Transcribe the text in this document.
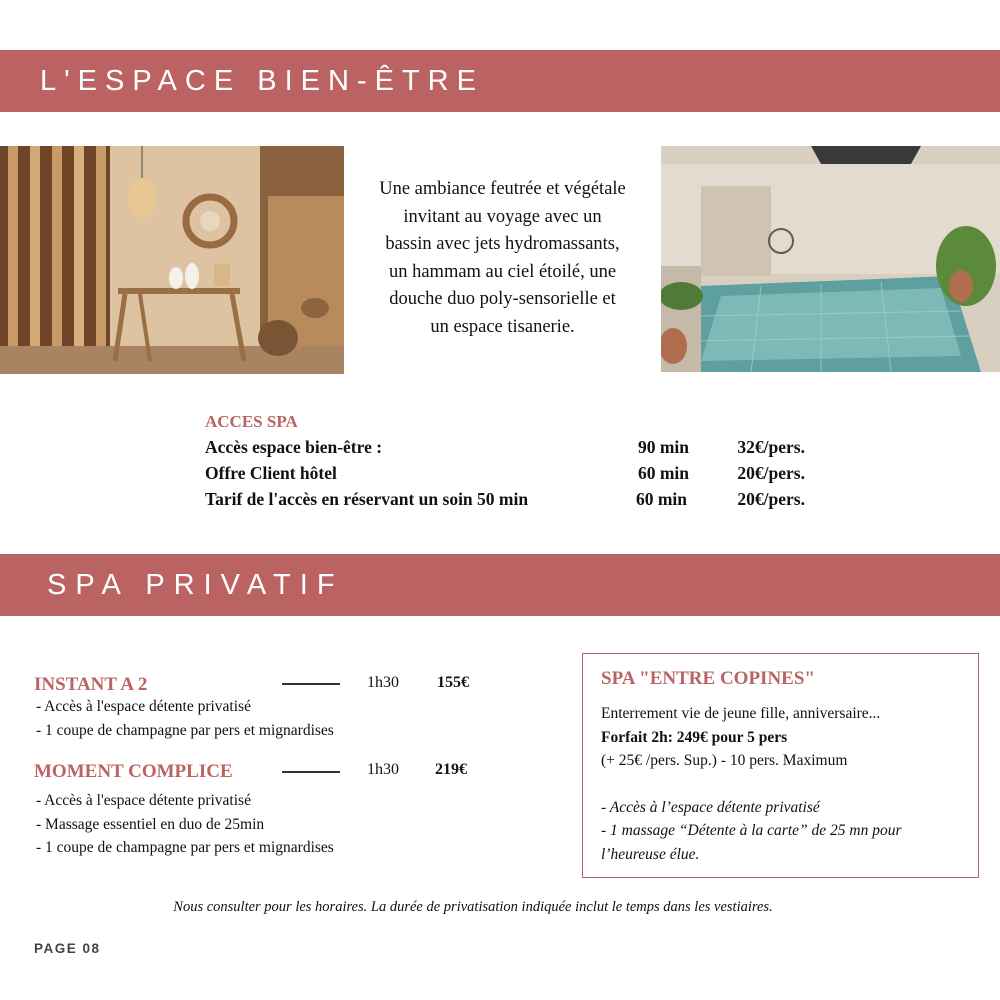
L'ESPACE BIEN-ÊTRE
Une ambiance feutrée et végétale
invitant au voyage avec un
bassin avec jets hydromassants,
un hammam au ciel étoilé, une
douche duo poly-sensorielle et
un espace tisanerie.
ACCES SPA
Accès espace bien-être :	90 min	32€/pers.
Offre Client hôtel	60 min	20€/pers.
Tarif de l'accès en réservant un soin 50 min	60 min	20€/pers.
SPA PRIVATIF
INSTANT A 2	1h30 155€
- Accès à l'espace détente privatisé
- 1 coupe de champagne par pers et mignardises
MOMENT COMPLICE	1h30 219€
- Accès à l'espace détente privatisé
- Massage essentiel en duo de 25min
- 1 coupe de champagne par pers et mignardises
SPA "ENTRE COPINES"
Enterrement vie de jeune fille, anniversaire...
Forfait 2h: 249€ pour 5 pers
(+ 25€ /pers. Sup.) - 10 pers. Maximum
- Accès à l’espace détente privatisé
- 1 massage “Détente à la carte” de 25 mn pour
l’heureuse élue.
Nous consulter pour les horaires. La durée de privatisation indiquée inclut le temps dans les vestiaires.
PAGE 08
